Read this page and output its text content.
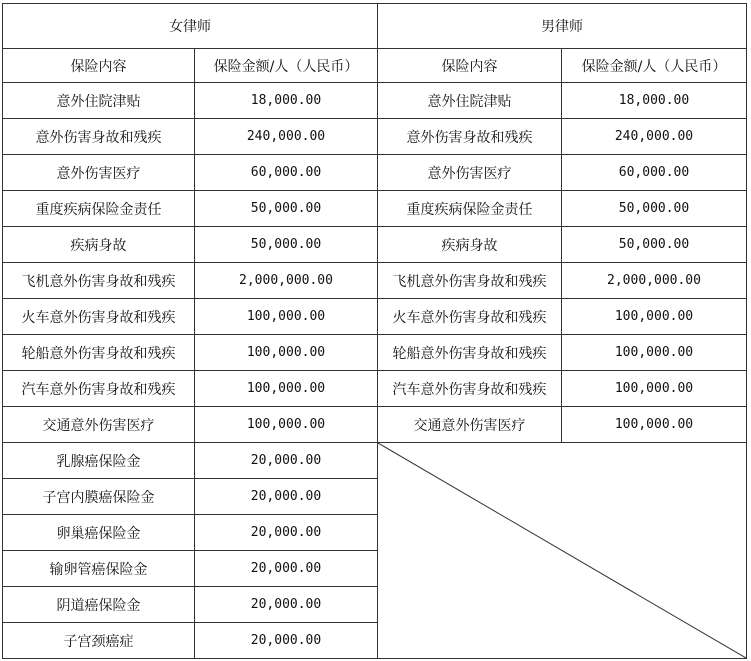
女律师		男律师	
保险内容	保险金额/人（人民币）	保险内容	保险金额/人（人民币）
意外住院津贴	18,000.00	意外住院津贴	18,000.00
意外伤害身故和残疾	240,000.00	意外伤害身故和残疾	240,000.00
意外伤害医疗	60,000.00	意外伤害医疗	60,000.00
重度疾病保险金责任	50,000.00	重度疾病保险金责任	50,000.00
疾病身故	50,000.00	疾病身故	50,000.00
飞机意外伤害身故和残疾	2,000,000.00	飞机意外伤害身故和残疾	2,000,000.00
火车意外伤害身故和残疾	100,000.00	火车意外伤害身故和残疾	100,000.00
轮船意外伤害身故和残疾	100,000.00	轮船意外伤害身故和残疾	100,000.00
汽车意外伤害身故和残疾	100,000.00	汽车意外伤害身故和残疾	100,000.00
交通意外伤害医疗	100,000.00	交通意外伤害医疗	100,000.00
乳腺癌保险金	20,000.00	

子宫内膜癌保险金	20,000.00		
卵巢癌保险金	20,000.00		
输卵管癌保险金	20,000.00		
阴道癌保险金	20,000.00		
子宫颈癌症	20,000.00		
